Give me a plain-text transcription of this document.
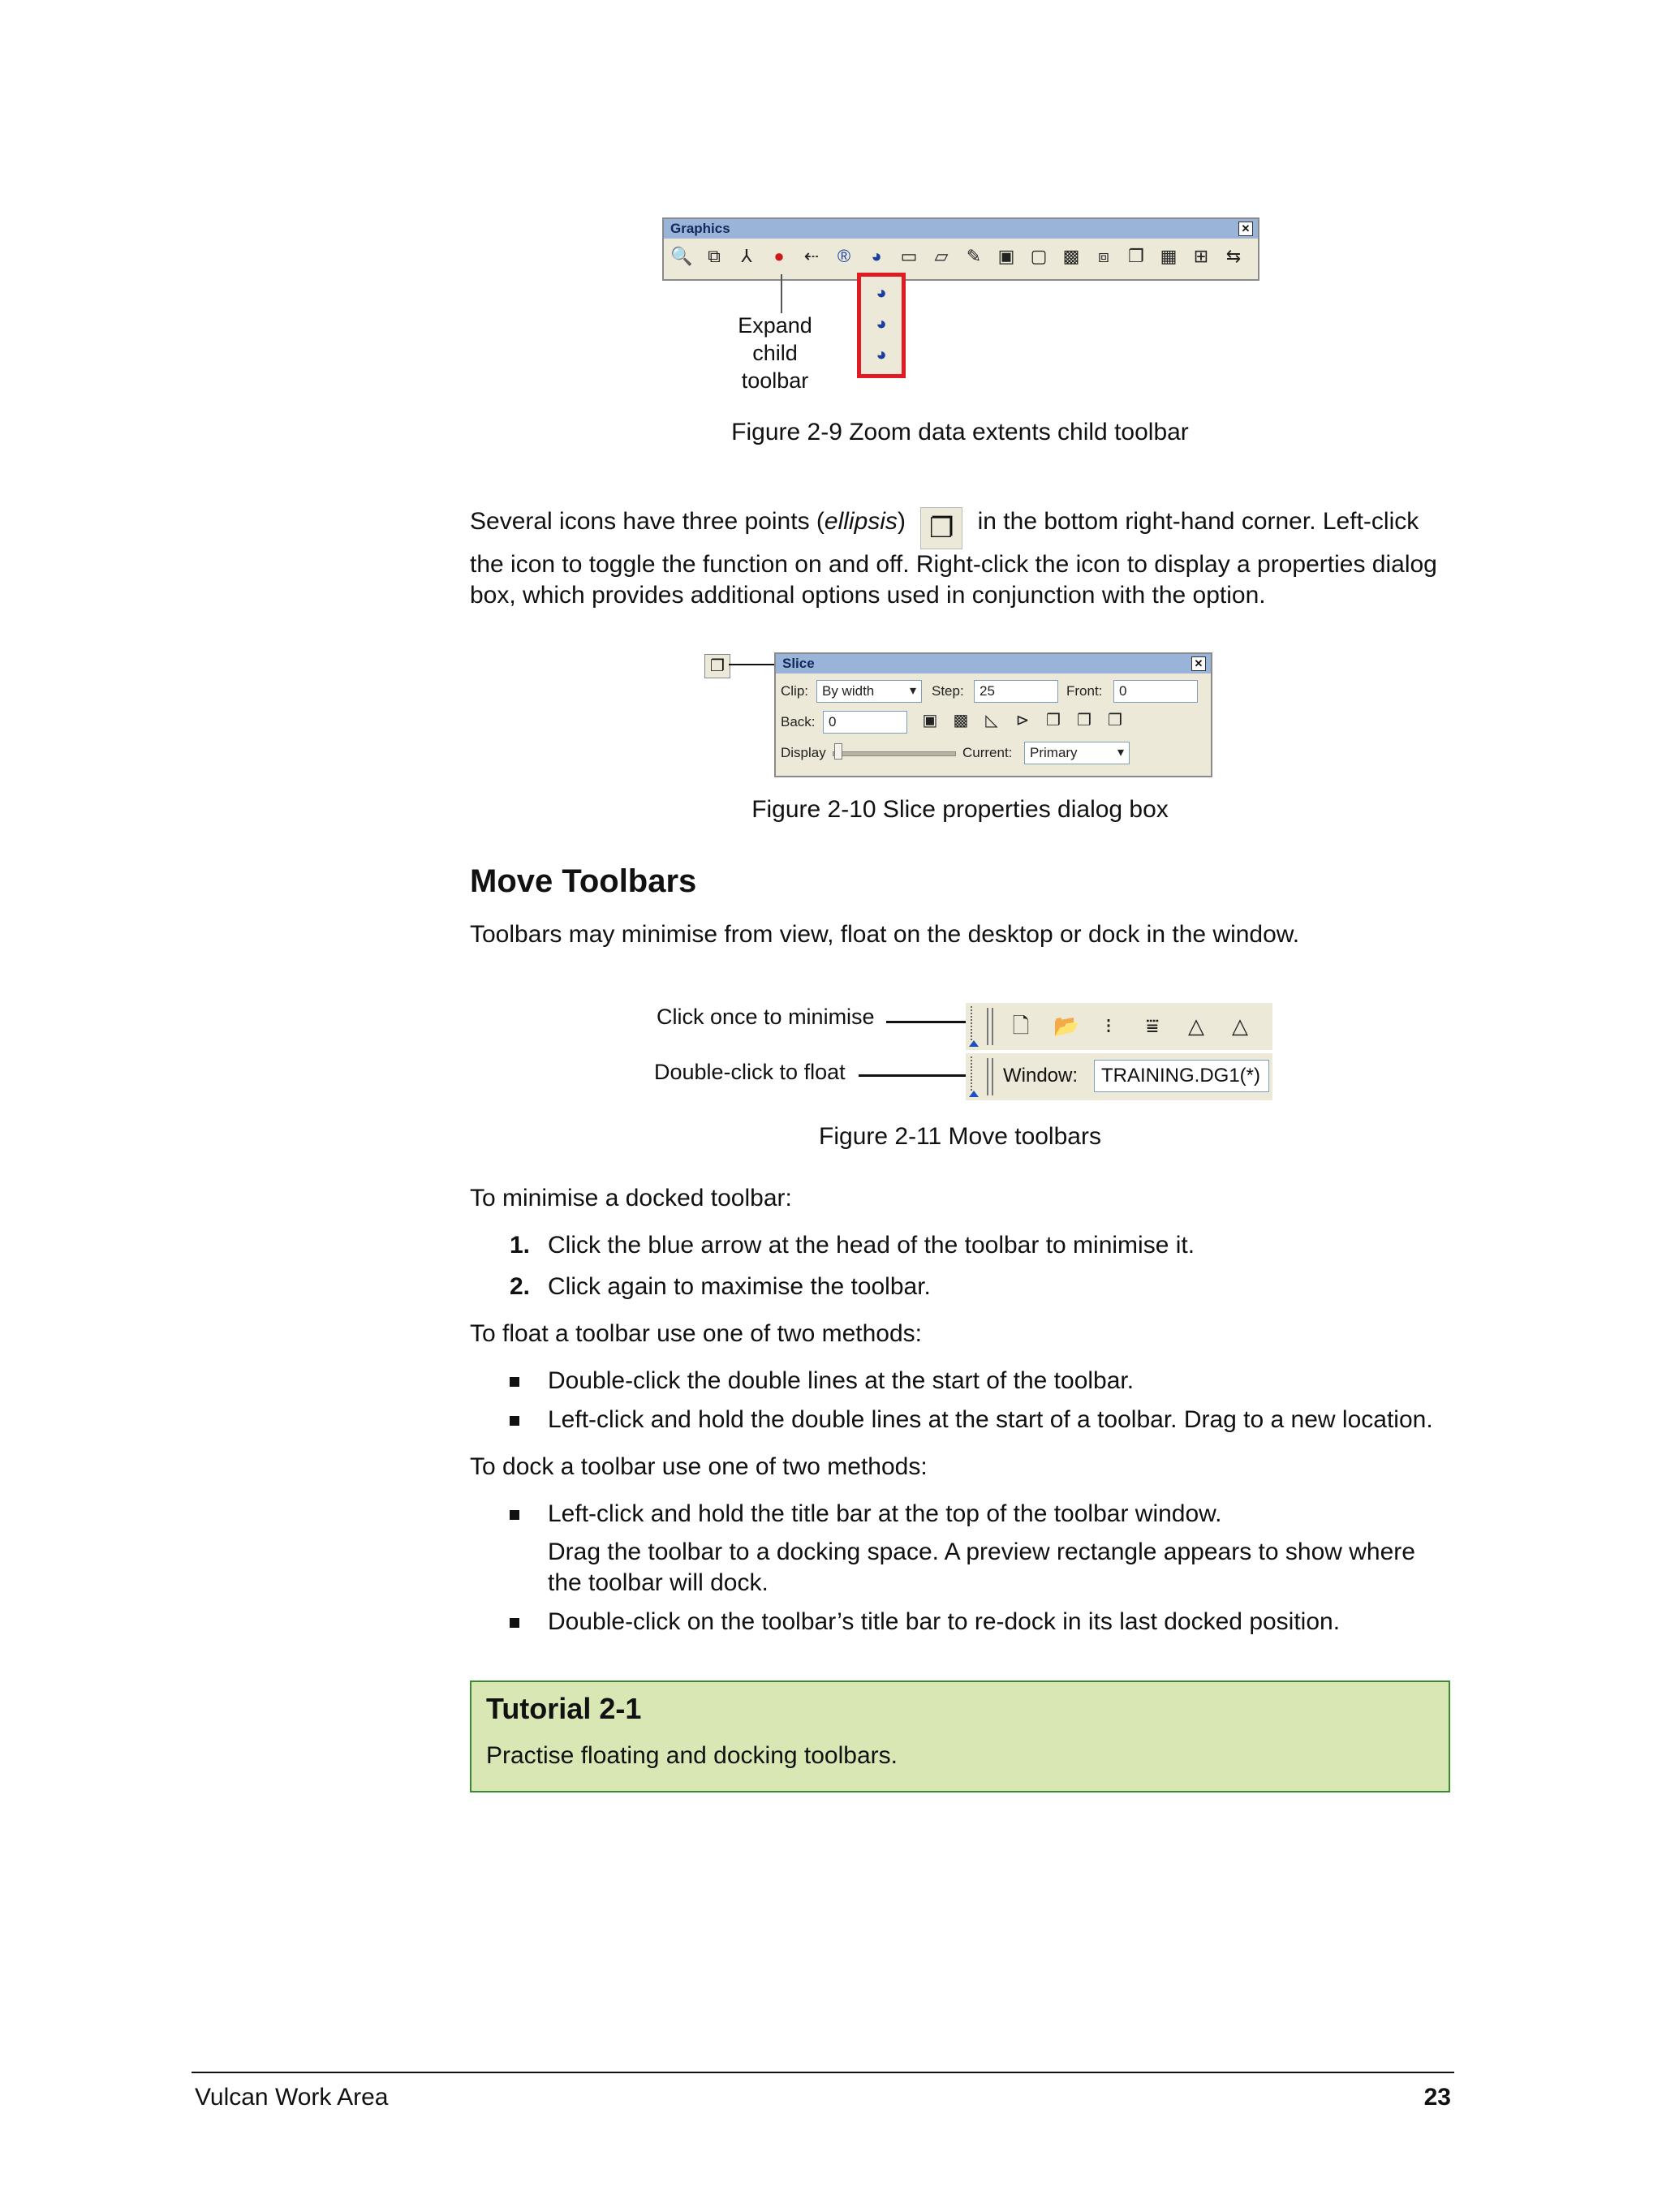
Graphics	✕
🔍 ⧉	⅄	●	⇠ ®	◕	▭ ▱ ✎ ▣ ▢ ▩	⧈	❐ ▦ ⊞ ⇆
◕
◕
◕
Expand
child
toolbar
Figure 2-9 Zoom data extents child toolbar
Several icons have three points (ellipsis) ❐ in the bottom right-hand corner. Left-click
the icon to toggle the function on and off. Right-click the icon to display a properties dialog
box, which provides additional options used in conjunction with the option.
❐	Slice	✕
Clip: By width ▾	Step:	25	Front:	0
Back: 0	▣ ▩	◺	⊳ ❐ ❐ ❐
Display	Current:	Primary ▾
Figure 2-10 Slice properties dialog box
Move Toolbars
Toolbars may minimise from view, float on the desktop or dock in the window.
Click once to minimise
Double-click to float
🗋 📂	⁝	⩸ △ △
Window:	TRAINING.DG1(*)
Figure 2-11 Move toolbars
To minimise a docked toolbar:
1. Click the blue arrow at the head of the toolbar to minimise it.
2. Click again to maximise the toolbar.
To float a toolbar use one of two methods:
Double-click the double lines at the start of the toolbar.
Left-click and hold the double lines at the start of a toolbar. Drag to a new location.
To dock a toolbar use one of two methods:
Left-click and hold the title bar at the top of the toolbar window.
Drag the toolbar to a docking space. A preview rectangle appears to show where
the toolbar will dock.
Double-click on the toolbar’s title bar to re-dock in its last docked position.
Tutorial 2-1
Practise floating and docking toolbars.
Vulcan Work Area	23
